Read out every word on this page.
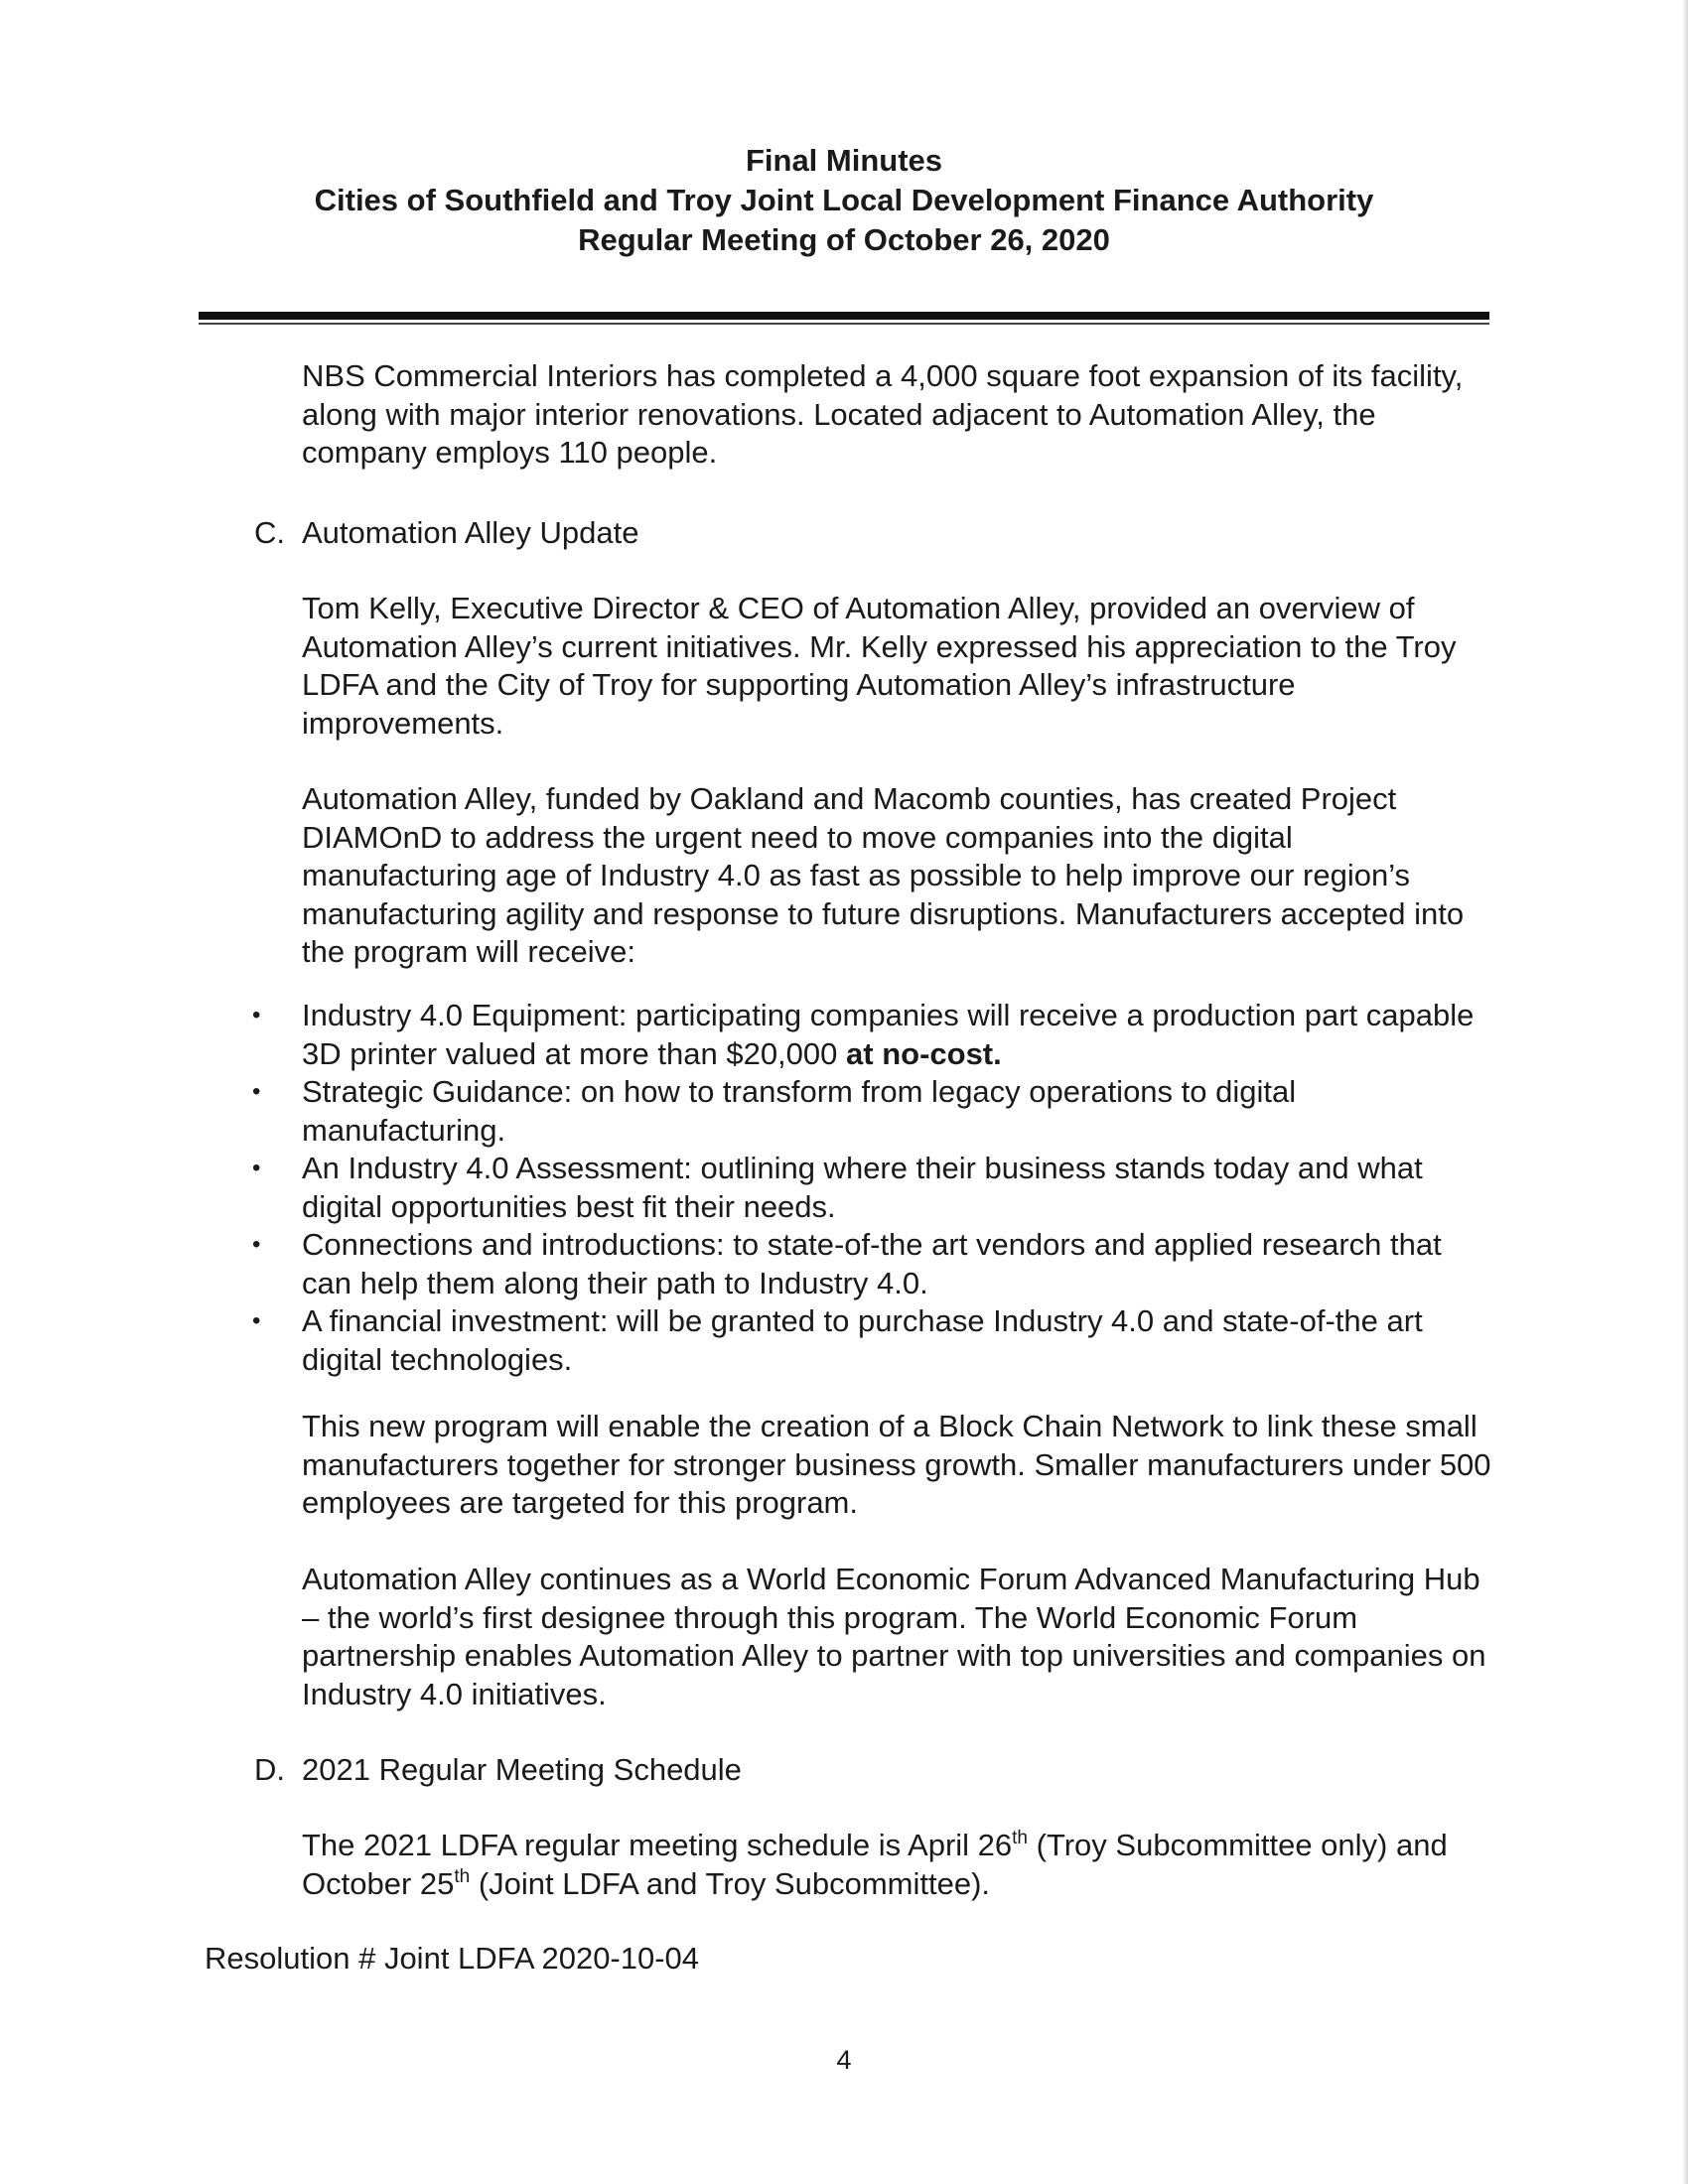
Final Minutes
Cities of Southfield and Troy Joint Local Development Finance Authority
Regular Meeting of October 26, 2020
NBS Commercial Interiors has completed a 4,000 square foot expansion of its facility, along with major interior renovations. Located adjacent to Automation Alley, the company employs 110 people.
C. Automation Alley Update
Tom Kelly, Executive Director & CEO of Automation Alley, provided an overview of Automation Alley’s current initiatives. Mr. Kelly expressed his appreciation to the Troy LDFA and the City of Troy for supporting Automation Alley’s infrastructure improvements.
Automation Alley, funded by Oakland and Macomb counties, has created Project DIAMOnD to address the urgent need to move companies into the digital manufacturing age of Industry 4.0 as fast as possible to help improve our region’s manufacturing agility and response to future disruptions. Manufacturers accepted into the program will receive:
• Industry 4.0 Equipment: participating companies will receive a production part capable 3D printer valued at more than $20,000 at no-cost.
• Strategic Guidance: on how to transform from legacy operations to digital manufacturing.
• An Industry 4.0 Assessment: outlining where their business stands today and what digital opportunities best fit their needs.
• Connections and introductions: to state-of-the art vendors and applied research that can help them along their path to Industry 4.0.
• A financial investment: will be granted to purchase Industry 4.0 and state-of-the art digital technologies.
This new program will enable the creation of a Block Chain Network to link these small manufacturers together for stronger business growth. Smaller manufacturers under 500 employees are targeted for this program.
Automation Alley continues as a World Economic Forum Advanced Manufacturing Hub – the world’s first designee through this program. The World Economic Forum partnership enables Automation Alley to partner with top universities and companies on Industry 4.0 initiatives.
D. 2021 Regular Meeting Schedule
The 2021 LDFA regular meeting schedule is April 26th (Troy Subcommittee only) and October 25th (Joint LDFA and Troy Subcommittee).
Resolution # Joint LDFA 2020-10-04
4
